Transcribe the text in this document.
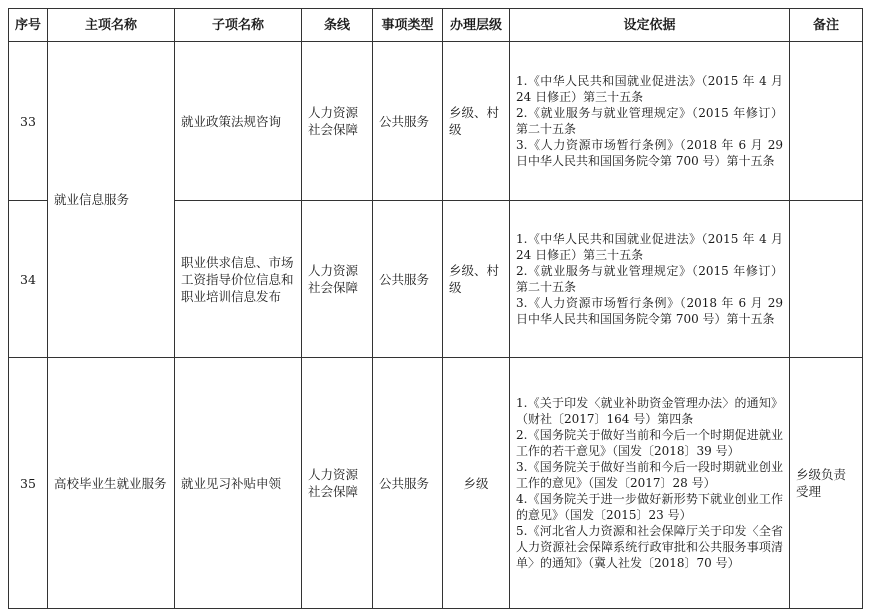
序号	主项名称	子项名称	条线	事项类型	办理层级	设定依据	备注
33	就业信息服务	就业政策法规咨询	人力资源社会保障	公共服务	乡级、村级	1.《中华人民共和国就业促进法》（2015 年 4 月 24 日修正）第三十五条
2.《就业服务与就业管理规定》（2015 年修订）第二十五条
3.《人力资源市场暂行条例》（2018 年 6 月 29 日中华人民共和国国务院令第 700 号）第十五条	

34		职业供求信息、市场工资指导价位信息和职业培训信息发布	人力资源社会保障	公共服务	乡级、村级	1.《中华人民共和国就业促进法》（2015 年 4 月 24 日修正）第三十五条
2.《就业服务与就业管理规定》（2015 年修订）第二十五条
3.《人力资源市场暂行条例》（2018 年 6 月 29 日中华人民共和国国务院令第 700 号）第十五条	

35	高校毕业生就业服务	就业见习补贴申领	人力资源社会保障	公共服务	乡级	1.《关于印发〈就业补助资金管理办法〉的通知》（财社〔2017〕164 号）第四条
2.《国务院关于做好当前和今后一个时期促进就业工作的若干意见》（国发〔2018〕39 号）
3.《国务院关于做好当前和今后一段时期就业创业工作的意见》（国发〔2017〕28 号）
4.《国务院关于进一步做好新形势下就业创业工作的意见》（国发〔2015〕23 号）
5.《河北省人力资源和社会保障厅关于印发〈全省人力资源社会保障系统行政审批和公共服务事项清单〉的通知》（冀人社发〔2018〕70 号）	乡级负责受理
